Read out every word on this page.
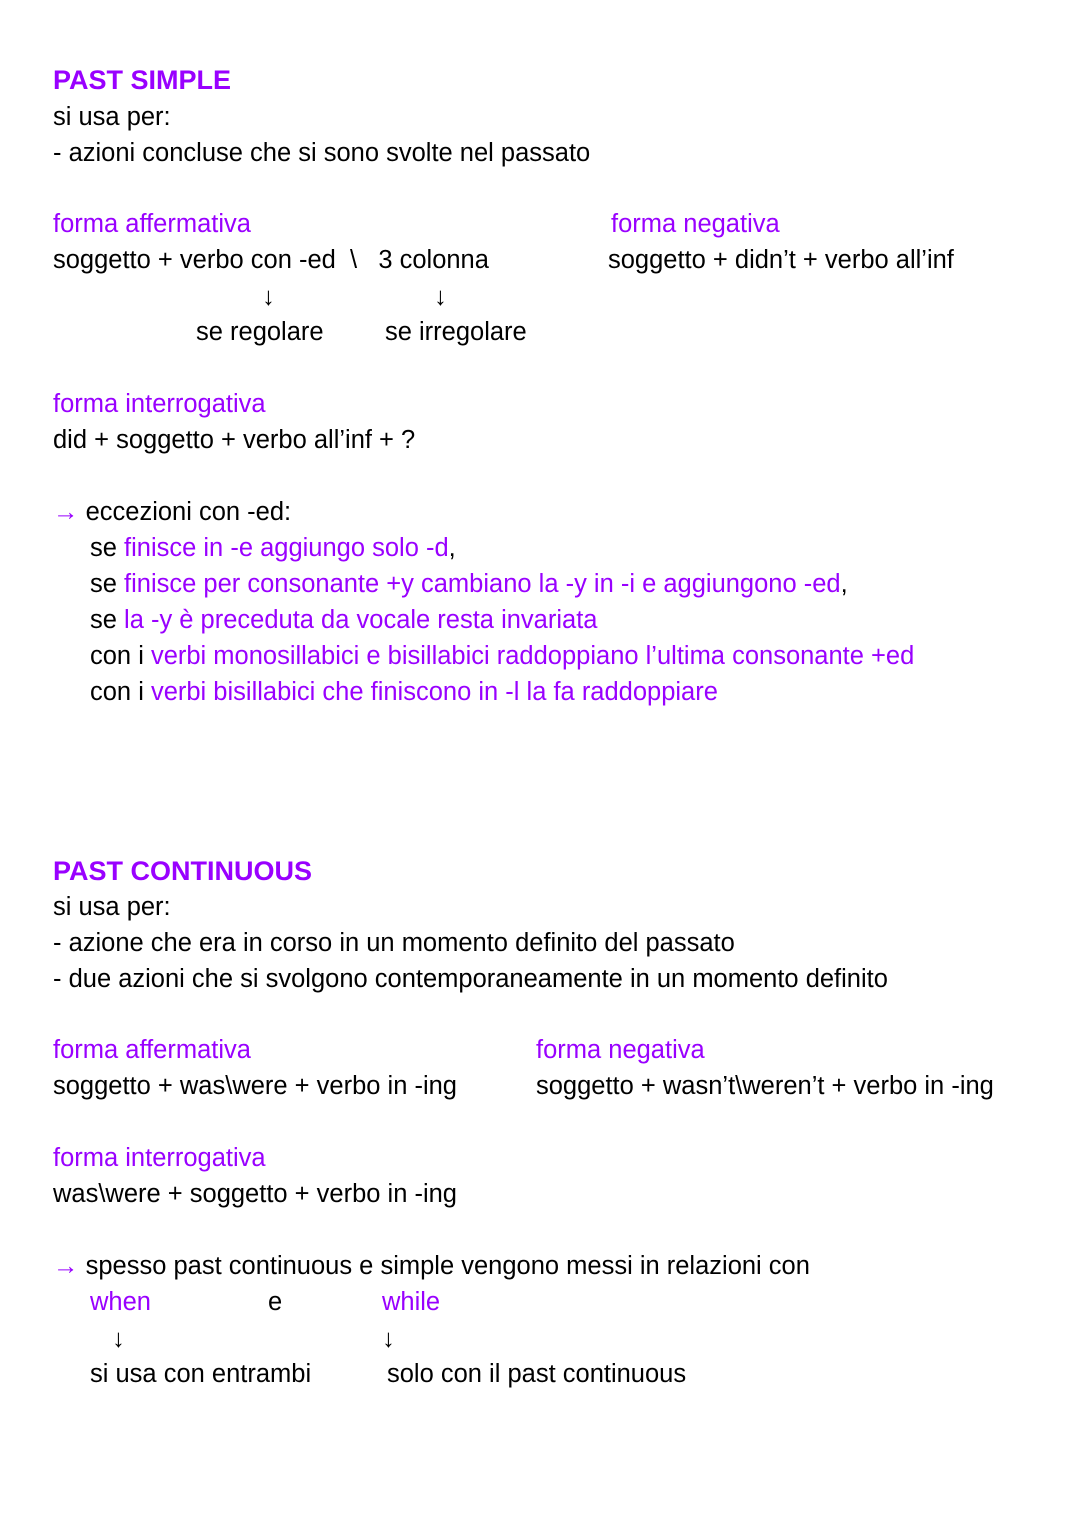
PAST SIMPLE
si usa per:
- azioni concluse che si sono svolte nel passato
forma affermativa
soggetto + verbo con -ed  \   3 colonna
↓	↓
se regolare se irregolare
forma negativa
soggetto + didn’t + verbo all’inf
forma interrogativa
did + soggetto + verbo all’inf + ?
→ eccezioni con -ed:
se finisce in -e aggiungo solo -d,
se finisce per consonante +y cambiano la -y in -i e aggiungono -ed,
se la -y è preceduta da vocale resta invariata
con i verbi monosillabici e bisillabici raddoppiano l’ultima consonante +ed
con i verbi bisillabici che finiscono in -l la fa raddoppiare
PAST CONTINUOUS
si usa per:
- azione che era in corso in un momento definito del passato
- due azioni che si svolgono contemporaneamente in un momento definito
forma affermativa
soggetto + was\were + verbo in -ing
forma negativa
soggetto + wasn’t\weren’t + verbo in -ing
forma interrogativa
was\were + soggetto + verbo in -ing
→ spesso past continuous e simple vengono messi in relazioni con
when	e	while
↓	↓
si usa con entrambi	solo con il past continuous
